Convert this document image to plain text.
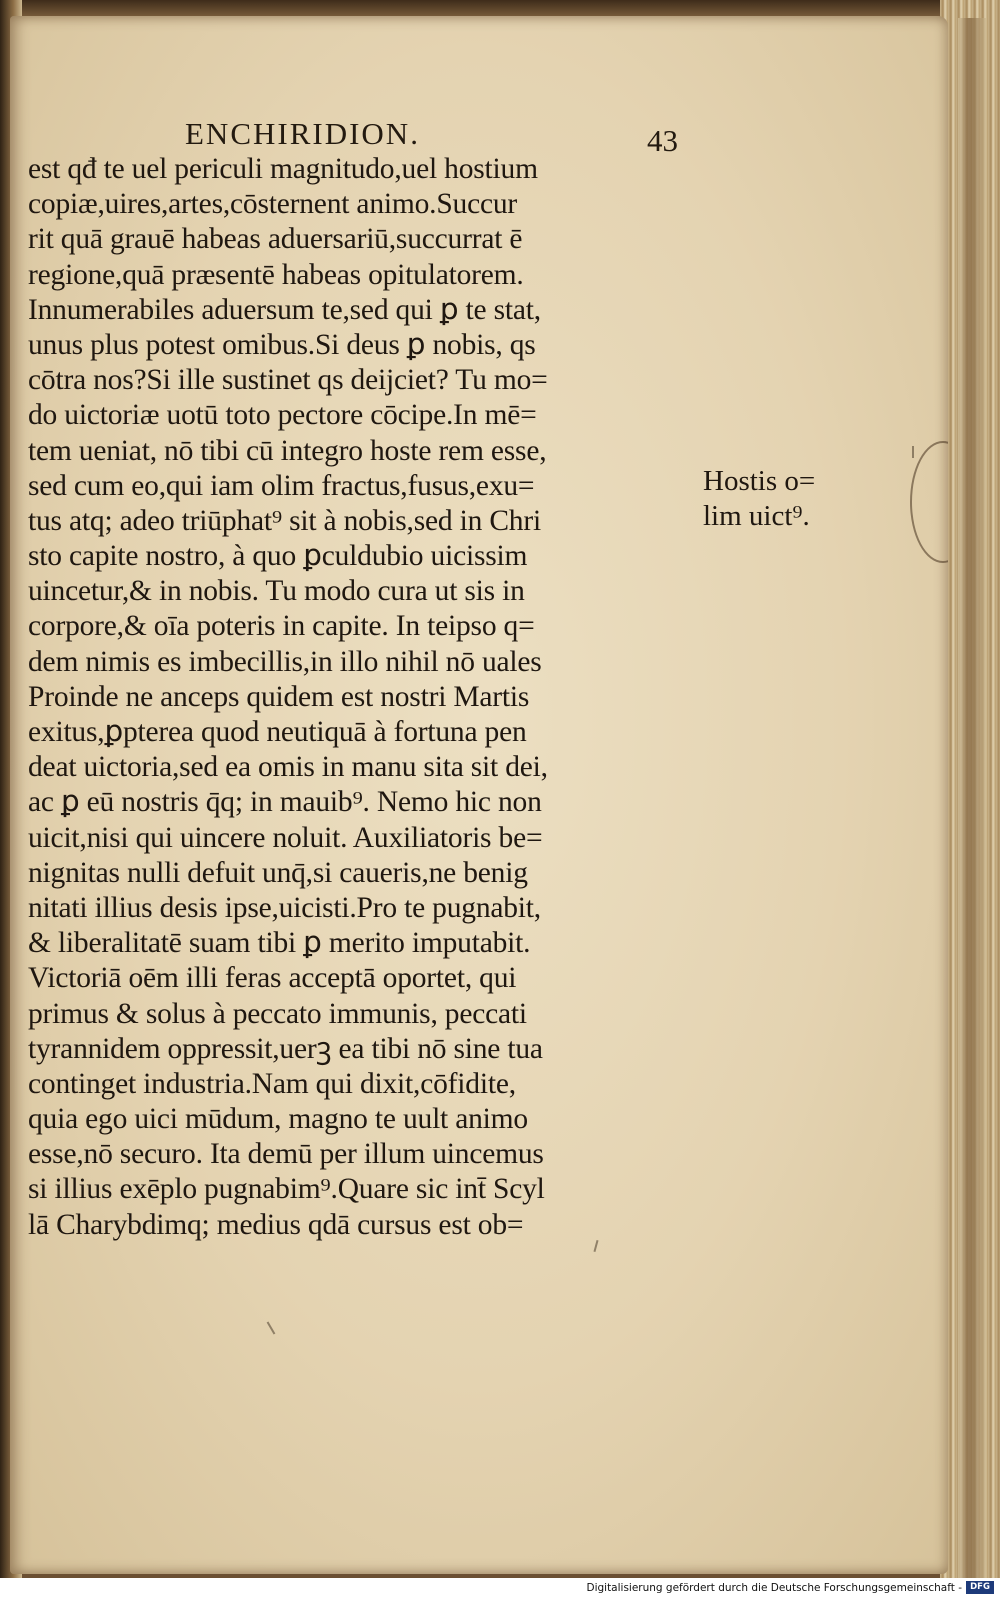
ENCHIRIDION.	43
est qđ te uel periculi magnitudo,uel hostium
copiæ,uires,artes,cōsternent animo.Succur
rit quā grauē habeas aduersariū,succurrat ē
regione,quā præsentē habeas opitulatorem.
Innumerabiles aduersum te,sed qui ꝑ te stat,
unus plus potest omibus.Si deus ꝑ nobis, qs
cōtra nos?Si ille sustinet qs deijciet? Tu mo=
do uictoriæ uotū toto pectore cōcipe.In mē=
tem ueniat, nō tibi cū integro hoste rem esse,
sed cum eo,qui iam olim fractus,fusus,exu=
tus atq; adeo triūphat⁹ sit à nobis,sed in Chri
sto capite nostro, à quo ꝑculdubio uicissim
uincetur,& in nobis. Tu modo cura ut sis in
corpore,& oīa poteris in capite. In teipso q=
dem nimis es imbecillis,in illo nihil nō uales
Proinde ne anceps quidem est nostri Martis
exitus,ꝑpterea quod neutiquā à fortuna pen
deat uictoria,sed ea omis in manu sita sit dei,
ac ꝑ eū nostris q̄q; in mauib⁹. Nemo hic non
uicit,nisi qui uincere noluit. Auxiliatoris be=
nignitas nulli defuit unq̄,si caueris,ne benig
nitati illius desis ipse,uicisti.Pro te pugnabit,
& liberalitatē suam tibi ꝑ merito imputabit.
Victoriā oēm illi feras acceptā oportet, qui
primus & solus à peccato immunis, peccati
tyrannidem oppressit,uerꝫ ea tibi nō sine tua
continget industria.Nam qui dixit,cōfidite,
quia ego uici mūdum, magno te uult animo
esse,nō securo. Ita demū per illum uincemus
si illius exēplo pugnabim⁹.Quare sic int̄ Scyl
lā Charybdimq; medius qdā cursus est ob=
Hostis o=
lim uict⁹.
Digitalisierung gefördert durch die Deutsche Forschungsgemeinschaft - DFG
